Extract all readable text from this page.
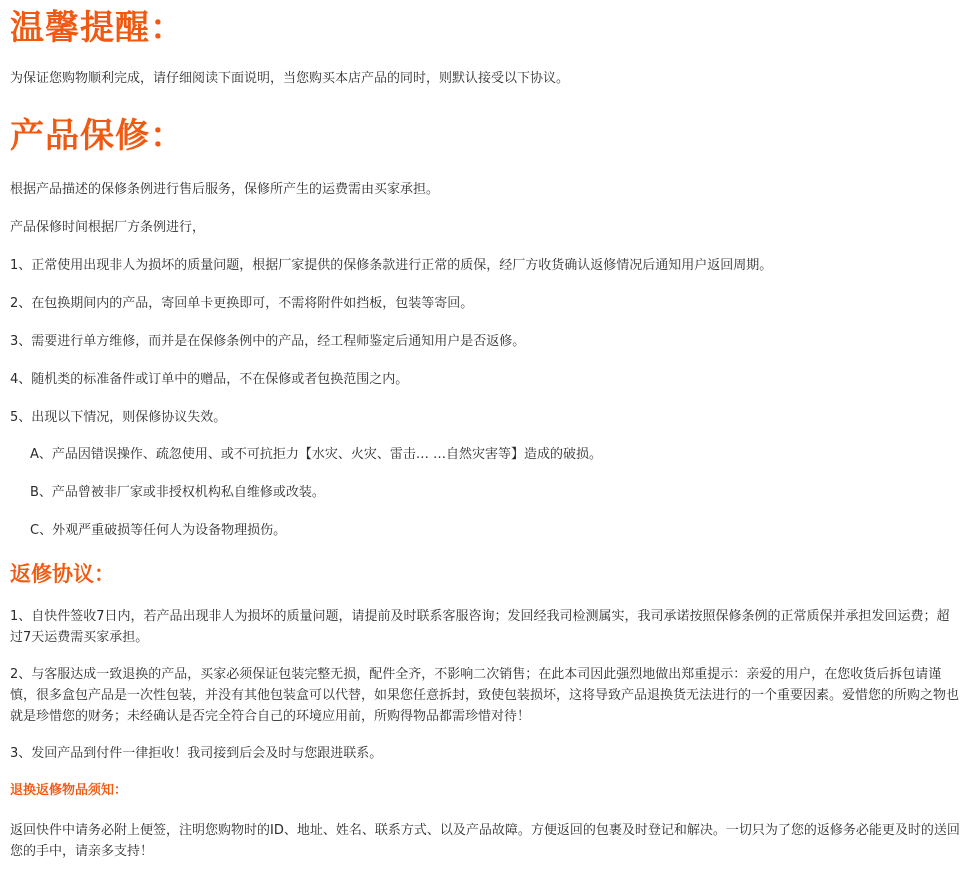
温馨提醒：
为保证您购物顺利完成，请仔细阅读下面说明，当您购买本店产品的同时，则默认接受以下协议。
产品保修：
根据产品描述的保修条例进行售后服务，保修所产生的运费需由买家承担。
产品保修时间根据厂方条例进行，
1、正常使用出现非人为损坏的质量问题，根据厂家提供的保修条款进行正常的质保，经厂方收货确认返修情况后通知用户返回周期。
2、在包换期间内的产品，寄回单卡更换即可，不需将附件如挡板，包装等寄回。
3、需要进行单方维修，而并是在保修条例中的产品，经工程师鉴定后通知用户是否返修。
4、随机类的标准备件或订单中的赠品，不在保修或者包换范围之内。
5、出现以下情况，则保修协议失效。
A、产品因错误操作、疏忽使用、或不可抗拒力【水灾、火灾、雷击… …自然灾害等】造成的破损。
B、产品曾被非厂家或非授权机构私自维修或改装。
C、外观严重破损等任何人为设备物理损伤。
返修协议：
1、自快件签收7日内，若产品出现非人为损坏的质量问题，请提前及时联系客服咨询；发回经我司检测属实，我司承诺按照保修条例的正常质保并承担发回运费；超过7天运费需买家承担。
2、与客服达成一致退换的产品，买家必须保证包装完整无损，配件全齐，不影响二次销售；在此本司因此强烈地做出郑重提示：亲爱的用户，在您收货后拆包请谨慎，很多盒包产品是一次性包装，并没有其他包装盒可以代替，如果您任意拆封，致使包装损坏，这将导致产品退换货无法进行的一个重要因素。爱惜您的所购之物也就是珍惜您的财务；未经确认是否完全符合自己的环境应用前，所购得物品都需珍惜对待！
3、发回产品到付件一律拒收！我司接到后会及时与您跟进联系。
退换返修物品须知：
返回快件中请务必附上便签，注明您购物时的ID、地址、姓名、联系方式、以及产品故障。方便返回的包裹及时登记和解决。一切只为了您的返修务必能更及时的送回您的手中，请亲多支持！
